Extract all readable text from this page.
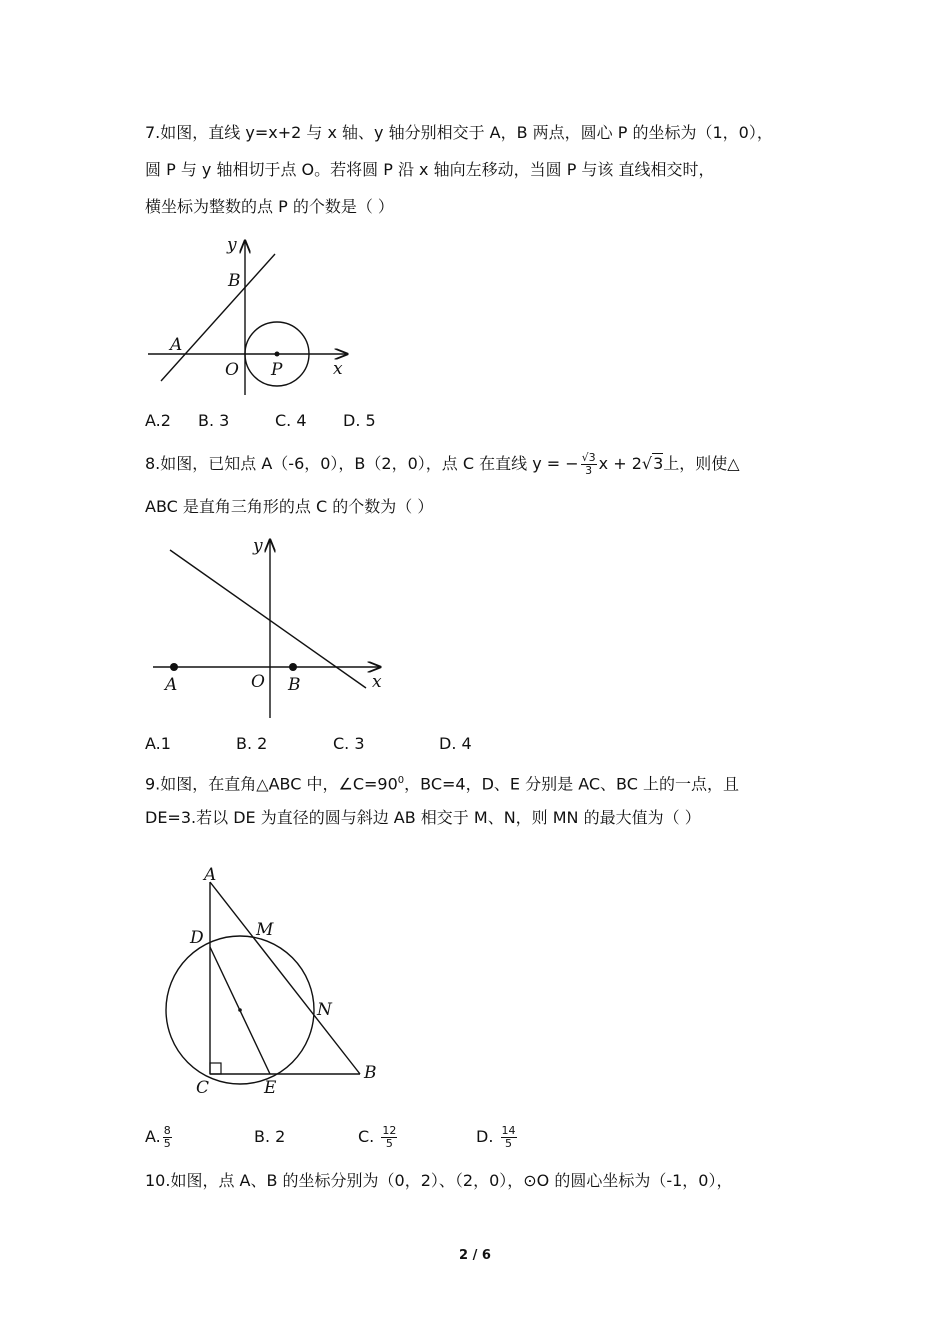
7.如图，直线 y=x+2 与 x 轴、y 轴分别相交于 A，B 两点，圆心 P 的坐标为（1，0），
圆 P 与 y 轴相切于点 O。若将圆 P 沿 x 轴向左移动，当圆 P 与该 直线相交时，
横坐标为整数的点 P 的个数是（ ）
y
B
A
O P	x
A.2 B. 3	C. 4 D. 5
8.如图，已知点 A（-6，0），B（2，0），点 C 在直线 y = − $\frac{√3}{3}$ x + 2√3上，则使△
ABC 是直角三角形的点 C 的个数为（ ）
y
A	O B	x
A.1	B. 2	C. 3	D. 4
9.如图，在直角△ABC 中，$\angle C=90^0$，BC=4，D、E 分别是 AC、BC 上的一点，且
DE=3.若以 DE 为直径的圆与斜边 AB 相交于 M、N，则 MN 的最大值为（ ）
A
D	M
N
C	E
B
A. $\frac{8}{5}$	B. 2	C. $\frac{12}{5}$	D. $\frac{14}{5}$
10.如图，点 A、B 的坐标分别为（0，2）、（2，0），⊙O 的圆心坐标为（-1，0），
2 / 6
